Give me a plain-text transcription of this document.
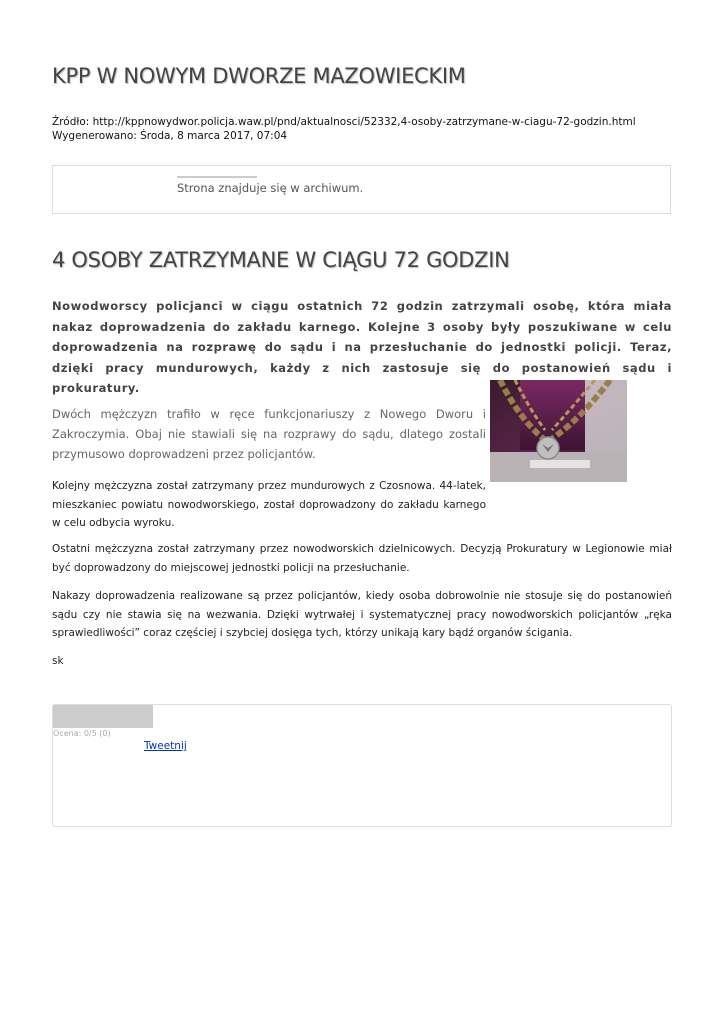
KPP W NOWYM DWORZE MAZOWIECKIM
Źródło: http://kppnowydwor.policja.waw.pl/pnd/aktualnosci/52332,4-osoby-zatrzymane-w-ciagu-72-godzin.html
Wygenerowano: Środa, 8 marca 2017, 07:04
Strona znajduje się w archiwum.
4 OSOBY ZATRZYMANE W CIĄGU 72 GODZIN

Nowodworscy policjanci w ciągu ostatnich 72 godzin zatrzymali osobę, która miała nakaz doprowadzenia do zakładu karnego. Kolejne 3 osoby były poszukiwane w celu doprowadzenia na rozprawę do sądu i na przesłuchanie do jednostki policji. Teraz, dzięki pracy mundurowych, każdy z nich zastosuje się do postanowień sądu i prokuratury.

Dwóch mężczyzn trafiło w ręce funkcjonariuszy z Nowego Dworu i Zakroczymia. Obaj nie stawiali się na rozprawy do sądu, dlatego zostali przymusowo doprowadzeni przez policjantów.

Kolejny mężczyzna został zatrzymany przez mundurowych z Czosnowa. 44-latek, mieszkaniec powiatu nowodworskiego, został doprowadzony do zakładu karnego w celu odbycia wyroku.

Ostatni mężczyzna został zatrzymany przez nowodworskich dzielnicowych. Decyzją Prokuratury w Legionowie miał być doprowadzony do miejscowej jednostki policji na przesłuchanie.

Nakazy doprowadzenia realizowane są przez policjantów, kiedy osoba dobrowolnie nie stosuje się do postanowień sądu czy nie stawia się na wezwania. Dzięki wytrwałej i systematycznej pracy nowodworskich policjantów „ręka sprawiedliwości” coraz częściej i szybciej dosięga tych, którzy unikają kary bądź organów ścigania.

sk

Ocena: 0/5 (0)
Tweetnij
